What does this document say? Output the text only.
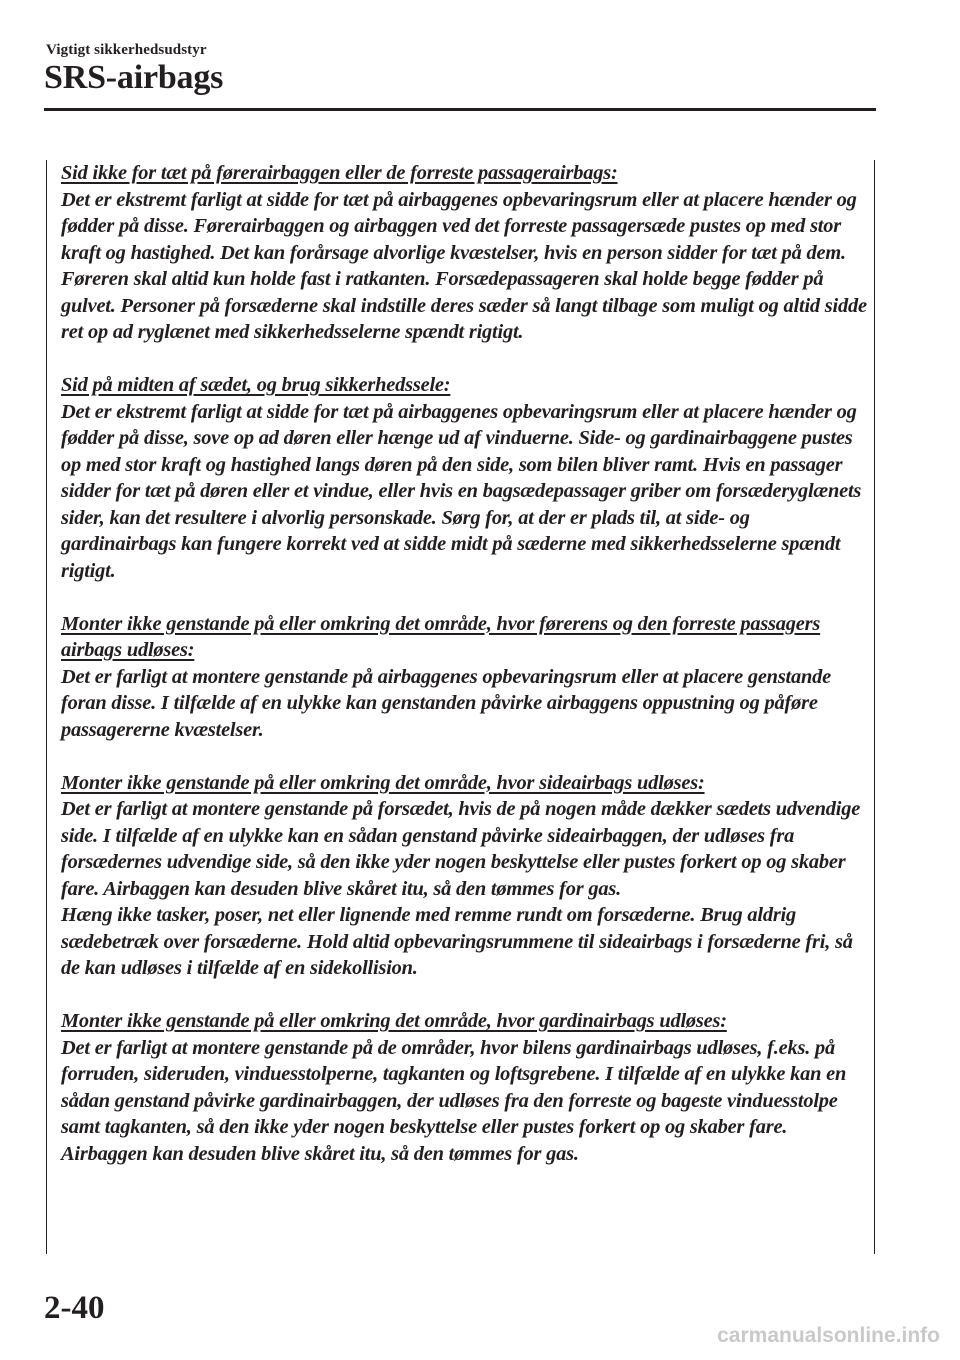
Vigtigt sikkerhedsudstyr
SRS-airbags

Sid ikke for tæt på førerairbaggen eller de forreste passagerairbags:

Det er ekstremt farligt at sidde for tæt på airbaggenes opbevaringsrum eller at placere hænder og fødder på disse. Førerairbaggen og airbaggen ved det forreste passagersæde pustes op med stor kraft og hastighed. Det kan forårsage alvorlige kvæstelser, hvis en person sidder for tæt på dem. Føreren skal altid kun holde fast i ratkanten. Forsædepassageren skal holde begge fødder på gulvet. Personer på forsæderne skal indstille deres sæder så langt tilbage som muligt og altid sidde ret op ad ryglænet med sikkerhedsselerne spændt rigtigt.

Sid på midten af sædet, og brug sikkerhedssele:

Det er ekstremt farligt at sidde for tæt på airbaggenes opbevaringsrum eller at placere hænder og fødder på disse, sove op ad døren eller hænge ud af vinduerne. Side- og gardinairbaggene pustes op med stor kraft og hastighed langs døren på den side, som bilen bliver ramt. Hvis en passager sidder for tæt på døren eller et vindue, eller hvis en bagsædepassager griber om forsæderyglænets sider, kan det resultere i alvorlig personskade. Sørg for, at der er plads til, at side- og gardinairbags kan fungere korrekt ved at sidde midt på sæderne med sikkerhedsselerne spændt rigtigt.

Monter ikke genstande på eller omkring det område, hvor førerens og den forreste passagers airbags udløses:

Det er farligt at montere genstande på airbaggenes opbevaringsrum eller at placere genstande foran disse. I tilfælde af en ulykke kan genstanden påvirke airbaggens oppustning og påføre passagererne kvæstelser.

Monter ikke genstande på eller omkring det område, hvor sideairbags udløses:

Det er farligt at montere genstande på forsædet, hvis de på nogen måde dækker sædets udvendige side. I tilfælde af en ulykke kan en sådan genstand påvirke sideairbaggen, der udløses fra forsædernes udvendige side, så den ikke yder nogen beskyttelse eller pustes forkert op og skaber fare. Airbaggen kan desuden blive skåret itu, så den tømmes for gas.

Hæng ikke tasker, poser, net eller lignende med remme rundt om forsæderne. Brug aldrig sædebetræk over forsæderne. Hold altid opbevaringsrummene til sideairbags i forsæderne fri, så de kan udløses i tilfælde af en sidekollision.

Monter ikke genstande på eller omkring det område, hvor gardinairbags udløses:

Det er farligt at montere genstande på de områder, hvor bilens gardinairbags udløses, f.eks. på forruden, sideruden, vinduesstolperne, tagkanten og loftsgrebene. I tilfælde af en ulykke kan en sådan genstand påvirke gardinairbaggen, der udløses fra den forreste og bageste vinduesstolpe samt tagkanten, så den ikke yder nogen beskyttelse eller pustes forkert op og skaber fare. Airbaggen kan desuden blive skåret itu, så den tømmes for gas.

2-40
carmanualsonline.info
